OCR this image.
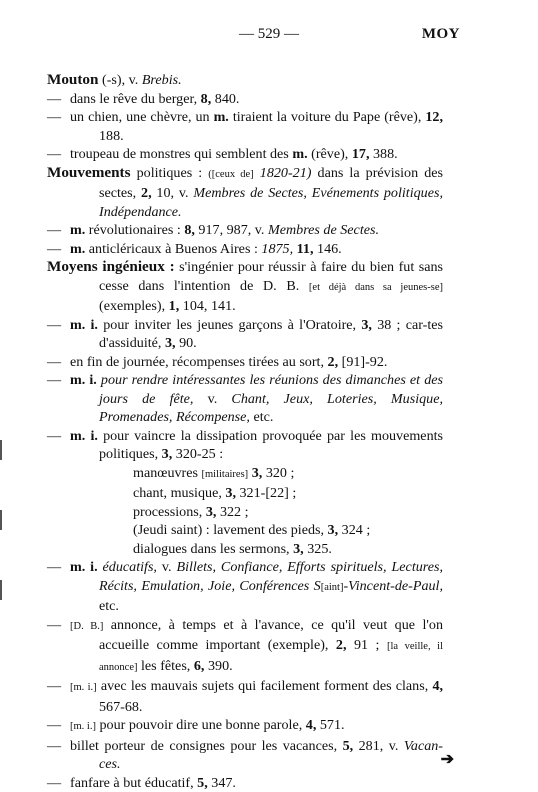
— 529 —	MOY
Mouton (-s), v. Brebis.
— dans le rêve du berger, 8, 840.
— un chien, une chèvre, un m. tiraient la voiture du Pape (rêve), 12, 188.
— troupeau de monstres qui semblent des m. (rêve), 17, 388.
Mouvements politiques : ([ceux de] 1820-21) dans la prévision des sectes, 2, 10, v. Membres de Sectes, Evénements politiques, Indépendance.
— m. révolutionaires : 8, 917, 987, v. Membres de Sectes.
— m. anticléricaux à Buenos Aires : 1875, 11, 146.
Moyens ingénieux : s'ingénier pour réussir à faire du bien fut sans cesse dans l'intention de D. B. [et déjà dans sa jeunes-se] (exemples), 1, 104, 141.
— m. i. pour inviter les jeunes garçons à l'Oratoire, 3, 38 ; car-tes d'assiduité, 3, 90.
— en fin de journée, récompenses tirées au sort, 2, [91]-92.
— m. i. pour rendre intéressantes les réunions des dimanches et des jours de fête, v. Chant, Jeux, Loteries, Musique, Promenades, Récompense, etc.
— m. i. pour vaincre la dissipation provoquée par les mouvements politiques, 3, 320-25 :
manœuvres [militaires] 3, 320 ;
chant, musique, 3, 321-[22] ;
processions, 3, 322 ;
(Jeudi saint) : lavement des pieds, 3, 324 ;
dialogues dans les sermons, 3, 325.
— m. i. éducatifs, v. Billets, Confiance, Efforts spirituels, Lectures, Récits, Emulation, Joie, Conférences S[aint]-Vincent-de-Paul, etc.
— [D. B.] annonce, à temps et à l'avance, ce qu'il veut que l'on accueille comme important (exemple), 2, 91 ; [la veille, il annonce] les fêtes, 6, 390.
— [m. i.] avec les mauvais sujets qui facilement forment des clans, 4, 567-68.
— [m. i.] pour pouvoir dire une bonne parole, 4, 571.
— billet porteur de consignes pour les vacances, 5, 281, v. Vacan-ces.
— fanfare à but éducatif, 5, 347.
➔
